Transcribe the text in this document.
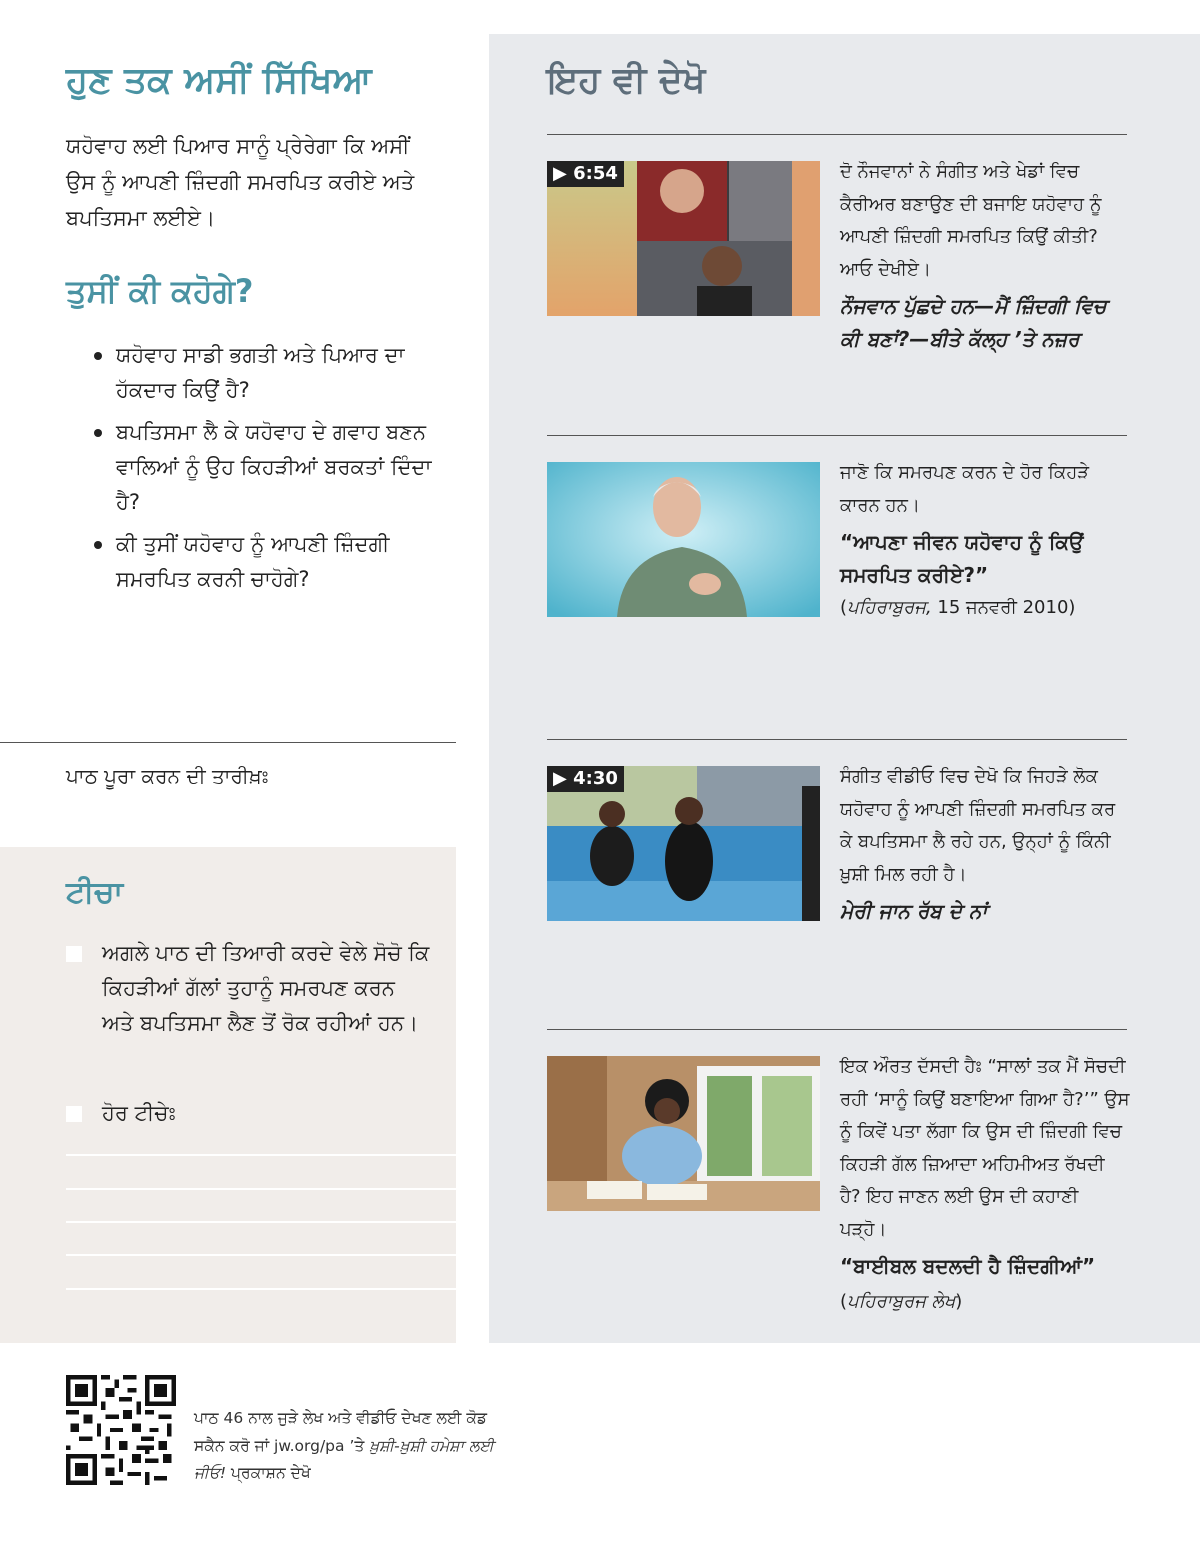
ਹੁਣ ਤਕ ਅਸੀਂ ਸਿੱਖਿਆ
ਯਹੋਵਾਹ ਲਈ ਪਿਆਰ ਸਾਨੂੰ ਪ੍ਰੇਰੇਗਾ ਕਿ ਅਸੀਂ ਉਸ ਨੂੰ ਆਪਣੀ ਜ਼ਿੰਦਗੀ ਸਮਰਪਿਤ ਕਰੀਏ ਅਤੇ ਬਪਤਿਸਮਾ ਲਈਏ।
ਤੁਸੀਂ ਕੀ ਕਹੋਗੇ?
ਯਹੋਵਾਹ ਸਾਡੀ ਭਗਤੀ ਅਤੇ ਪਿਆਰ ਦਾ ਹੱਕਦਾਰ ਕਿਉਂ ਹੈ?
ਬਪਤਿਸਮਾ ਲੈ ਕੇ ਯਹੋਵਾਹ ਦੇ ਗਵਾਹ ਬਣਨ ਵਾਲਿਆਂ ਨੂੰ ਉਹ ਕਿਹੜੀਆਂ ਬਰਕਤਾਂ ਦਿੰਦਾ ਹੈ?
ਕੀ ਤੁਸੀਂ ਯਹੋਵਾਹ ਨੂੰ ਆਪਣੀ ਜ਼ਿੰਦਗੀ ਸਮਰਪਿਤ ਕਰਨੀ ਚਾਹੋਗੇ?
ਪਾਠ ਪੂਰਾ ਕਰਨ ਦੀ ਤਾਰੀਖ਼ਃ
ਟੀਚਾ
ਅਗਲੇ ਪਾਠ ਦੀ ਤਿਆਰੀ ਕਰਦੇ ਵੇਲੇ ਸੋਚੋ ਕਿ ਕਿਹੜੀਆਂ ਗੱਲਾਂ ਤੁਹਾਨੂੰ ਸਮਰਪਣ ਕਰਨ ਅਤੇ ਬਪਤਿਸਮਾ ਲੈਣ ਤੋਂ ਰੋਕ ਰਹੀਆਂ ਹਨ।
ਹੋਰ ਟੀਚੇਃ
ਇਹ ਵੀ ਦੇਖੋ
▶ 6:54	ਦੋ ਨੌਜਵਾਨਾਂ ਨੇ ਸੰਗੀਤ ਅਤੇ ਖੇਡਾਂ ਵਿਚ ਕੈਰੀਅਰ ਬਣਾਉਣ ਦੀ ਬਜਾਇ ਯਹੋਵਾਹ ਨੂੰ ਆਪਣੀ ਜ਼ਿੰਦਗੀ ਸਮਰਪਿਤ ਕਿਉਂ ਕੀਤੀ? ਆਓ ਦੇਖੀਏ।
ਨੌਜਵਾਨ ਪੁੱਛਦੇ ਹਨ—ਮੈਂ ਜ਼ਿੰਦਗੀ ਵਿਚ ਕੀ ਬਣਾਂ?—ਬੀਤੇ ਕੱਲ੍ਹ ’ਤੇ ਨਜ਼ਰ
ਜਾਣੋ ਕਿ ਸਮਰਪਣ ਕਰਨ ਦੇ ਹੋਰ ਕਿਹੜੇ ਕਾਰਨ ਹਨ।
“ਆਪਣਾ ਜੀਵਨ ਯਹੋਵਾਹ ਨੂੰ ਕਿਉਂ ਸਮਰਪਿਤ ਕਰੀਏ?”
(ਪਹਿਰਾਬੁਰਜ, 15 ਜਨਵਰੀ 2010)
▶ 4:30	ਸੰਗੀਤ ਵੀਡੀਓ ਵਿਚ ਦੇਖੋ ਕਿ ਜਿਹੜੇ ਲੋਕ ਯਹੋਵਾਹ ਨੂੰ ਆਪਣੀ ਜ਼ਿੰਦਗੀ ਸਮਰਪਿਤ ਕਰ ਕੇ ਬਪਤਿਸਮਾ ਲੈ ਰਹੇ ਹਨ, ਉਨ੍ਹਾਂ ਨੂੰ ਕਿੰਨੀ ਖ਼ੁਸ਼ੀ ਮਿਲ ਰਹੀ ਹੈ।
ਮੇਰੀ ਜਾਨ ਰੱਬ ਦੇ ਨਾਂ
ਇਕ ਔਰਤ ਦੱਸਦੀ ਹੈਃ “ਸਾਲਾਂ ਤਕ ਮੈਂ ਸੋਚਦੀ ਰਹੀ ‘ਸਾਨੂੰ ਕਿਉਂ ਬਣਾਇਆ ਗਿਆ ਹੈ?’” ਉਸ ਨੂੰ ਕਿਵੇਂ ਪਤਾ ਲੱਗਾ ਕਿ ਉਸ ਦੀ ਜ਼ਿੰਦਗੀ ਵਿਚ ਕਿਹੜੀ ਗੱਲ ਜ਼ਿਆਦਾ ਅਹਿਮੀਅਤ ਰੱਖਦੀ ਹੈ? ਇਹ ਜਾਣਨ ਲਈ ਉਸ ਦੀ ਕਹਾਣੀ ਪੜ੍ਹੋ।
“ਬਾਈਬਲ ਬਦਲਦੀ ਹੈ ਜ਼ਿੰਦਗੀਆਂ” (ਪਹਿਰਾਬੁਰਜ ਲੇਖ)
ਪਾਠ 46 ਨਾਲ ਜੁੜੇ ਲੇਖ ਅਤੇ ਵੀਡੀਓ ਦੇਖਣ ਲਈ ਕੋਡ ਸਕੈਨ ਕਰੋ ਜਾਂ jw.org/pa ’ਤੇ ਖ਼ੁਸ਼ੀ-ਖ਼ੁਸ਼ੀ ਹਮੇਸ਼ਾ ਲਈ ਜੀਓ! ਪ੍ਰਕਾਸ਼ਨ ਦੇਖੋ
